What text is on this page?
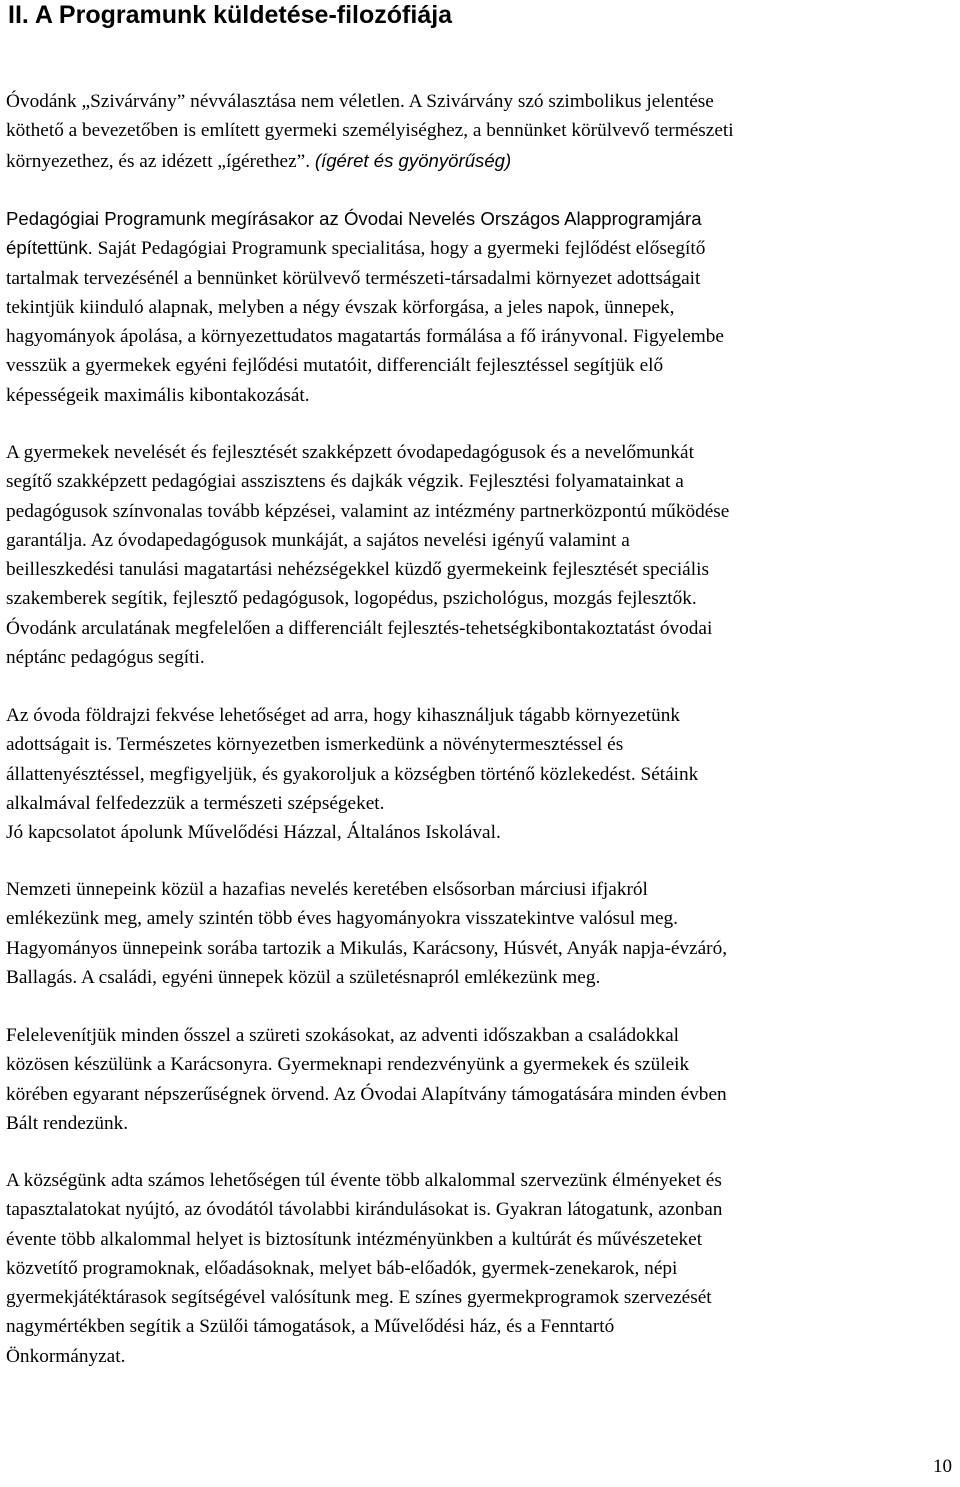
II. A Programunk küldetése-filozófiája

Óvodánk „Szivárvány” névválasztása nem véletlen. A Szivárvány szó szimbolikus jelentése
köthető a bevezetőben is említett gyermeki személyiséghez, a bennünket körülvevő természeti
környezethez, és az idézett „ígérethez”. (ígéret és gyönyörűség)

Pedagógiai Programunk megírásakor az Óvodai Nevelés Országos Alapprogramjára
építettünk. Saját Pedagógiai Programunk specialitása, hogy a gyermeki fejlődést elősegítő
tartalmak tervezésénél a bennünket körülvevő természeti-társadalmi környezet adottságait
tekintjük kiinduló alapnak, melyben a négy évszak körforgása, a jeles napok, ünnepek,
hagyományok ápolása, a környezettudatos magatartás formálása a fő irányvonal. Figyelembe
vesszük a gyermekek egyéni fejlődési mutatóit, differenciált fejlesztéssel segítjük elő
képességeik maximális kibontakozását.

A gyermekek nevelését és fejlesztését szakképzett óvodapedagógusok és a nevelőmunkát
segítő szakképzett pedagógiai asszisztens és dajkák végzik. Fejlesztési folyamatainkat a
pedagógusok színvonalas tovább képzései, valamint az intézmény partnerközpontú működése
garantálja. Az óvodapedagógusok munkáját, a sajátos nevelési igényű valamint a
beilleszkedési tanulási magatartási nehézségekkel küzdő gyermekeink fejlesztését speciális
szakemberek segítik, fejlesztő pedagógusok, logopédus, pszichológus, mozgás fejlesztők.
Óvodánk arculatának megfelelően a differenciált fejlesztés-tehetségkibontakoztatást óvodai
néptánc pedagógus segíti.

Az óvoda földrajzi fekvése lehetőséget ad arra, hogy kihasználjuk tágabb környezetünk
adottságait is. Természetes környezetben ismerkedünk a növénytermesztéssel és
állattenyésztéssel, megfigyeljük, és gyakoroljuk a községben történő közlekedést. Sétáink
alkalmával felfedezzük a természeti szépségeket.
Jó kapcsolatot ápolunk Művelődési Házzal, Általános Iskolával.

Nemzeti ünnepeink közül a hazafias nevelés keretében elsősorban márciusi ifjakról
emlékezünk meg, amely szintén több éves hagyományokra visszatekintve valósul meg.
Hagyományos ünnepeink sorába tartozik a Mikulás, Karácsony, Húsvét, Anyák napja-évzáró,
Ballagás. A családi, egyéni ünnepek közül a születésnapról emlékezünk meg.

Felelevenítjük minden ősszel a szüreti szokásokat, az adventi időszakban a családokkal
közösen készülünk a Karácsonyra. Gyermeknapi rendezvényünk a gyermekek és szüleik
körében egyarant népszerűségnek örvend. Az Óvodai Alapítvány támogatására minden évben
Bált rendezünk.

A községünk adta számos lehetőségen túl évente több alkalommal szervezünk élményeket és
tapasztalatokat nyújtó, az óvodától távolabbi kirándulásokat is. Gyakran látogatunk, azonban
évente több alkalommal helyet is biztosítunk intézményünkben a kultúrát és művészeteket
közvetítő programoknak, előadásoknak, melyet báb-előadók, gyermek-zenekarok, népi
gyermekjátéktárasok segítségével valósítunk meg. E színes gyermekprogramok szervezését
nagymértékben segítik a Szülői támogatások, a Művelődési ház, és a Fenntartó
Önkormányzat.

10
